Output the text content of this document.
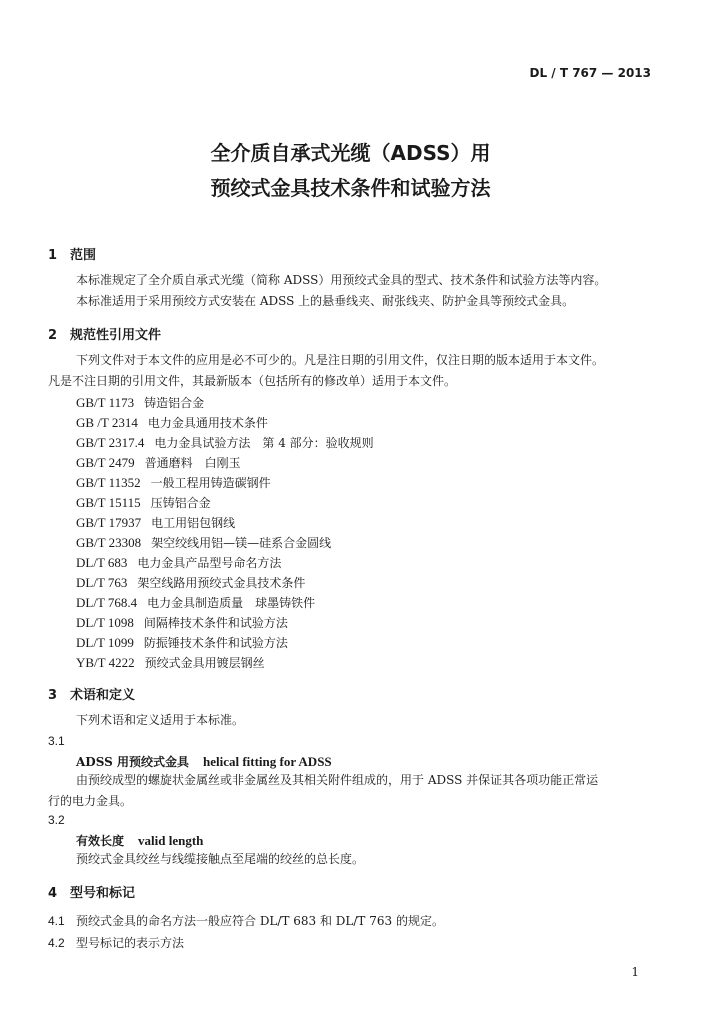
DL / T 767 — 2013
全介质自承式光缆（ADSS）用
预绞式金具技术条件和试验方法
1 范围
本标准规定了全介质自承式光缆（简称 ADSS）用预绞式金具的型式、技术条件和试验方法等内容。
本标准适用于采用预绞方式安装在 ADSS 上的悬垂线夹、耐张线夹、防护金具等预绞式金具。
2 规范性引用文件
下列文件对于本文件的应用是必不可少的。凡是注日期的引用文件，仅注日期的版本适用于本文件。
凡是不注日期的引用文件，其最新版本（包括所有的修改单）适用于本文件。
GB/T 1173 铸造铝合金
GB /T 2314 电力金具通用技术条件
GB/T 2317.4 电力金具试验方法　第 4 部分：验收规则
GB/T 2479 普通磨料　白刚玉
GB/T 11352 一般工程用铸造碳钢件
GB/T 15115 压铸铝合金
GB/T 17937 电工用铝包钢线
GB/T 23308 架空绞线用铝—镁—硅系合金圆线
DL/T 683 电力金具产品型号命名方法
DL/T 763 架空线路用预绞式金具技术条件
DL/T 768.4 电力金具制造质量　球墨铸铁件
DL/T 1098 间隔棒技术条件和试验方法
DL/T 1099 防振锤技术条件和试验方法
YB/T 4222 预绞式金具用镀层钢丝
3 术语和定义
下列术语和定义适用于本标准。
3.1
ADSS 用预绞式金具 helical fitting for ADSS
由预绞成型的螺旋状金属丝或非金属丝及其相关附件组成的，用于 ADSS 并保证其各项功能正常运
行的电力金具。
3.2
有效长度 valid length
预绞式金具绞丝与线缆接触点至尾端的绞丝的总长度。
4 型号和标记
4.1 预绞式金具的命名方法一般应符合 DL/T 683 和 DL/T 763 的规定。
4.2 型号标记的表示方法
1
